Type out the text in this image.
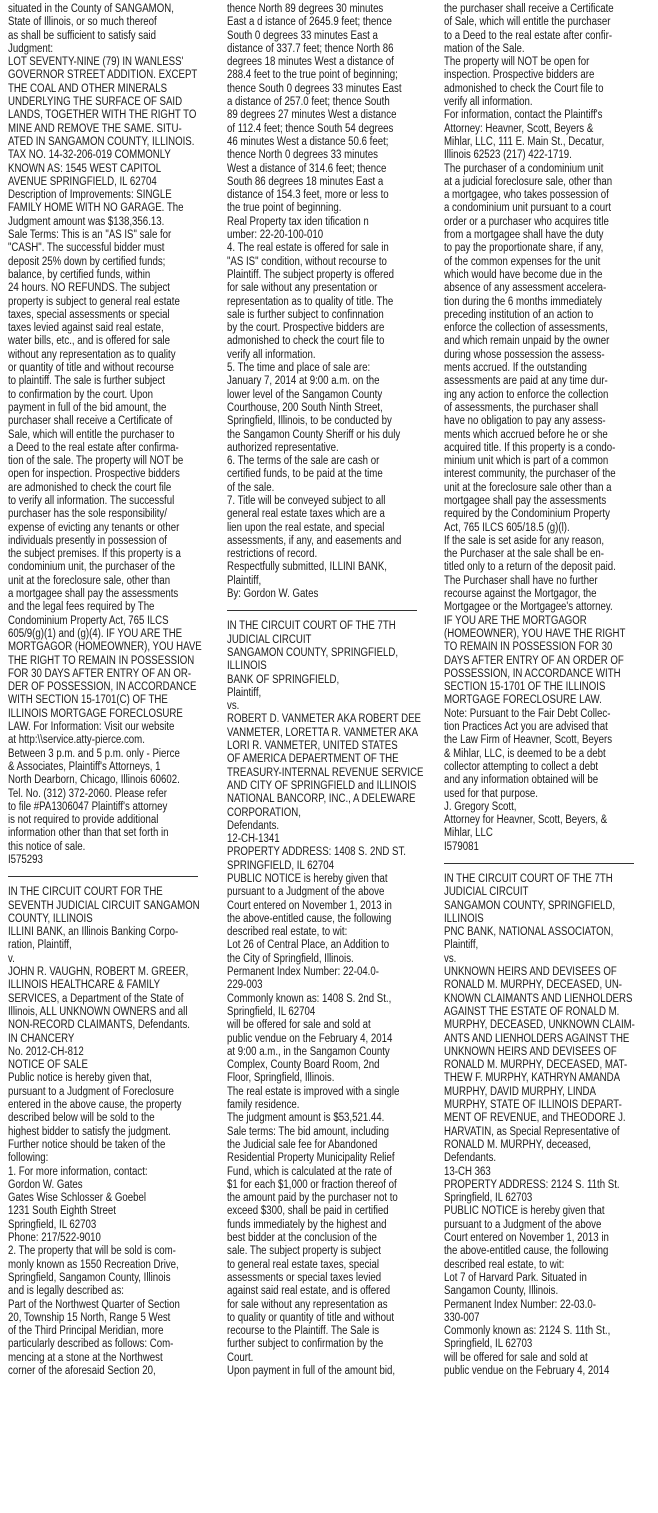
situated in the County of SANGAMON,
State of Illinois, or so much thereof
as shall be sufficient to satisfy said
Judgment:
LOT SEVENTY-NINE (79) IN WANLESS'
GOVERNOR STREET ADDITION. EXCEPT
THE COAL AND OTHER MINERALS
UNDERLYING THE SURFACE OF SAID
LANDS, TOGETHER WITH THE RIGHT TO
MINE AND REMOVE THE SAME. SITU-
ATED IN SANGAMON COUNTY, ILLINOIS.
TAX NO. 14-32-206-019 COMMONLY
KNOWN AS: 1545 WEST CAPITOL
AVENUE SPRINGFIELD, IL 62704
Description of Improvements: SINGLE
FAMILY HOME WITH NO GARAGE. The
Judgment amount was $138,356.13.
Sale Terms: This is an "AS IS" sale for
"CASH". The successful bidder must
deposit 25% down by certified funds;
balance, by certified funds, within
24 hours. NO REFUNDS. The subject
property is subject to general real estate
taxes, special assessments or special
taxes levied against said real estate,
water bills, etc., and is offered for sale
without any representation as to quality
or quantity of title and without recourse
to plaintiff. The sale is further subject
to confirmation by the court. Upon
payment in full of the bid amount, the
purchaser shall receive a Certificate of
Sale, which will entitle the purchaser to
a Deed to the real estate after confirma-
tion of the sale. The property will NOT be
open for inspection. Prospective bidders
are admonished to check the court file
to verify all information. The successful
purchaser has the sole responsibility/
expense of evicting any tenants or other
individuals presently in possession of
the subject premises. If this property is a
condominium unit, the purchaser of the
unit at the foreclosure sale, other than
a mortgagee shall pay the assessments
and the legal fees required by The
Condominium Property Act, 765 ILCS
605/9(g)(1) and (g)(4). IF YOU ARE THE
MORTGAGOR (HOMEOWNER), YOU HAVE
THE RIGHT TO REMAIN IN POSSESSION
FOR 30 DAYS AFTER ENTRY OF AN OR-
DER OF POSSESSION, IN ACCORDANCE
WITH SECTION 15-1701(C) OF THE
ILLINOIS MORTGAGE FORECLOSURE
LAW. For Information: Visit our website
at http:\\service.atty-pierce.com.
Between 3 p.m. and 5 p.m. only - Pierce
& Associates, Plaintiff's Attorneys, 1
North Dearborn, Chicago, Illinois 60602.
Tel. No. (312) 372-2060. Please refer
to file #PA1306047 Plaintiff's attorney
is not required to provide additional
information other than that set forth in
this notice of sale.
I575293
IN THE CIRCUIT COURT FOR THE
SEVENTH JUDICIAL CIRCUIT SANGAMON
COUNTY, ILLINOIS
ILLINI BANK, an Illinois Banking Corpo-
ration, Plaintiff,
v.
JOHN R. VAUGHN, ROBERT M. GREER,
ILLINOIS HEALTHCARE & FAMILY
SERVICES, a Department of the State of
Illinois, ALL UNKNOWN OWNERS and all
NON-RECORD CLAIMANTS, Defendants.
IN CHANCERY
No. 2012-CH-812
NOTICE OF SALE
Public notice is hereby given that,
pursuant to a Judgment of Foreclosure
entered in the above cause, the property
described below will be sold to the
highest bidder to satisfy the judgment.
Further notice should be taken of the
following:
1. For more information, contact:
Gordon W. Gates
Gates Wise Schlosser & Goebel
1231 South Eighth Street
Springfield, IL 62703
Phone: 217/522-9010
2. The property that will be sold is com-
monly known as 1550 Recreation Drive,
Springfield, Sangamon County, Illinois
and is legally described as:
Part of the Northwest Quarter of Section
20, Township 15 North, Range 5 West
of the Third Principal Meridian, more
particularly described as follows: Com-
mencing at a stone at the Northwest
corner of the aforesaid Section 20,
thence North 89 degrees 30 minutes
East a d istance of 2645.9 feet; thence
South 0 degrees 33 minutes East a
distance of 337.7 feet; thence North 86
degrees 18 minutes West a distance of
288.4 feet to the true point of beginning;
thence South 0 degrees 33 minutes East
a distance of 257.0 feet; thence South
89 degrees 27 minutes West a distance
of 112.4 feet; thence South 54 degrees
46 minutes West a distance 50.6 feet;
thence North 0 degrees 33 minutes
West a distance of 314.6 feet; thence
South 86 degrees 18 minutes East a
distance of 154.3 feet, more or less to
the true point of beginning.
Real Property tax iden tification n
umber: 22-20-100-010
4. The real estate is offered for sale in
"AS IS" condition, without recourse to
Plaintiff. The subject property is offered
for sale without any presentation or
representation as to quality of title. The
sale is further subject to confinnation
by the court. Prospective bidders are
admonished to check the court file to
verify all information.
5. The time and place of sale are:
January 7, 2014 at 9:00 a.m. on the
lower level of the Sangamon County
Courthouse, 200 South Ninth Street,
Springfield, Illinois, to be conducted by
the Sangamon County Sheriff or his duly
authorized representative.
6. The terms of the sale are cash or
certified funds, to be paid at the time
of the sale.
7. Title will be conveyed subject to all
general real estate taxes which are a
lien upon the real estate, and special
assessments, if any, and easements and
restrictions of record.
Respectfully submitted, ILLINI BANK,
Plaintiff,
By: Gordon W. Gates
IN THE CIRCUIT COURT OF THE 7TH
JUDICIAL CIRCUIT
SANGAMON COUNTY, SPRINGFIELD,
ILLINOIS
BANK OF SPRINGFIELD,
Plaintiff,
vs.
ROBERT D. VANMETER AKA ROBERT DEE
VANMETER, LORETTA R. VANMETER AKA
LORI R. VANMETER, UNITED STATES
OF AMERICA DEPAERTMENT OF THE
TREASURY-INTERNAL REVENUE SERVICE
AND CITY OF SPRINGFIELD and ILLINOIS
NATIONAL BANCORP, INC., A DELEWARE
CORPORATION,
Defendants.
12-CH-1341
PROPERTY ADDRESS: 1408 S. 2ND ST.
SPRINGFIELD, IL 62704
PUBLIC NOTICE is hereby given that
pursuant to a Judgment of the above
Court entered on November 1, 2013 in
the above-entitled cause, the following
described real estate, to wit:
Lot 26 of Central Place, an Addition to
the City of Springfield, Illinois.
Permanent Index Number: 22-04.0-
229-003
Commonly known as: 1408 S. 2nd St.,
Springfield, IL 62704
will be offered for sale and sold at
public vendue on the February 4, 2014
at 9:00 a.m., in the Sangamon County
Complex, County Board Room, 2nd
Floor, Springfield, Illinois.
The real estate is improved with a single
family residence.
The judgment amount is $53,521.44.
Sale terms: The bid amount, including
the Judicial sale fee for Abandoned
Residential Property Municipality Relief
Fund, which is calculated at the rate of
$1 for each $1,000 or fraction thereof of
the amount paid by the purchaser not to
exceed $300, shall be paid in certified
funds immediately by the highest and
best bidder at the conclusion of the
sale. The subject property is subject
to general real estate taxes, special
assessments or special taxes levied
against said real estate, and is offered
for sale without any representation as
to quality or quantity of title and without
recourse to the Plaintiff. The Sale is
further subject to confirmation by the
Court.
Upon payment in full of the amount bid,
the purchaser shall receive a Certificate
of Sale, which will entitle the purchaser
to a Deed to the real estate after confir-
mation of the Sale.
The property will NOT be open for
inspection. Prospective bidders are
admonished to check the Court file to
verify all information.
For information, contact the Plaintiff's
Attorney: Heavner, Scott, Beyers &
Mihlar, LLC, 111 E. Main St., Decatur,
Illinois 62523 (217) 422-1719.
The purchaser of a condominium unit
at a judicial foreclosure sale, other than
a mortgagee, who takes possession of
a condominium unit pursuant to a court
order or a purchaser who acquires title
from a mortgagee shall have the duty
to pay the proportionate share, if any,
of the common expenses for the unit
which would have become due in the
absence of any assessment accelera-
tion during the 6 months immediately
preceding institution of an action to
enforce the collection of assessments,
and which remain unpaid by the owner
during whose possession the assess-
ments accrued. If the outstanding
assessments are paid at any time dur-
ing any action to enforce the collection
of assessments, the purchaser shall
have no obligation to pay any assess-
ments which accrued before he or she
acquired title. If this property is a condo-
minium unit which is part of a common
interest community, the purchaser of the
unit at the foreclosure sale other than a
mortgagee shall pay the assessments
required by the Condominium Property
Act, 765 ILCS 605/18.5 (g)(l).
If the sale is set aside for any reason,
the Purchaser at the sale shall be en-
titled only to a return of the deposit paid.
The Purchaser shall have no further
recourse against the Mortgagor, the
Mortgagee or the Mortgagee's attorney.
IF YOU ARE THE MORTGAGOR
(HOMEOWNER), YOU HAVE THE RIGHT
TO REMAIN IN POSSESSION FOR 30
DAYS AFTER ENTRY OF AN ORDER OF
POSSESSION, IN ACCORDANCE WITH
SECTION 15-1701 OF THE ILLINOIS
MORTGAGE FORECLOSURE LAW.
Note: Pursuant to the Fair Debt Collec-
tion Practices Act you are advised that
the Law Firm of Heavner, Scott, Beyers
& Mihlar, LLC, is deemed to be a debt
collector attempting to collect a debt
and any information obtained will be
used for that purpose.
J. Gregory Scott,
Attorney for Heavner, Scott, Beyers, &
Mihlar, LLC
I579081
IN THE CIRCUIT COURT OF THE 7TH
JUDICIAL CIRCUIT
SANGAMON COUNTY, SPRINGFIELD,
ILLINOIS
PNC BANK, NATIONAL ASSOCIATON,
Plaintiff,
vs.
UNKNOWN HEIRS AND DEVISEES OF
RONALD M. MURPHY, DECEASED, UN-
KNOWN CLAIMANTS AND LIENHOLDERS
AGAINST THE ESTATE OF RONALD M.
MURPHY, DECEASED, UNKNOWN CLAIM-
ANTS AND LIENHOLDERS AGAINST THE
UNKNOWN HEIRS AND DEVISEES OF
RONALD M. MURPHY, DECEASED, MAT-
THEW F. MURPHY, KATHRYN AMANDA
MURPHY, DAVID MURPHY, LINDA
MURPHY, STATE OF ILLINOIS DEPART-
MENT OF REVENUE, and THEODORE J.
HARVATIN, as Special Representative of
RONALD M. MURPHY, deceased,
Defendants.
13-CH 363
PROPERTY ADDRESS: 2124 S. 11th St.
Springfield, IL 62703
PUBLIC NOTICE is hereby given that
pursuant to a Judgment of the above
Court entered on November 1, 2013 in
the above-entitled cause, the following
described real estate, to wit:
Lot 7 of Harvard Park. Situated in
Sangamon County, Illinois.
Permanent Index Number: 22-03.0-
330-007
Commonly known as: 2124 S. 11th St.,
Springfield, IL 62703
will be offered for sale and sold at
public vendue on the February 4, 2014
